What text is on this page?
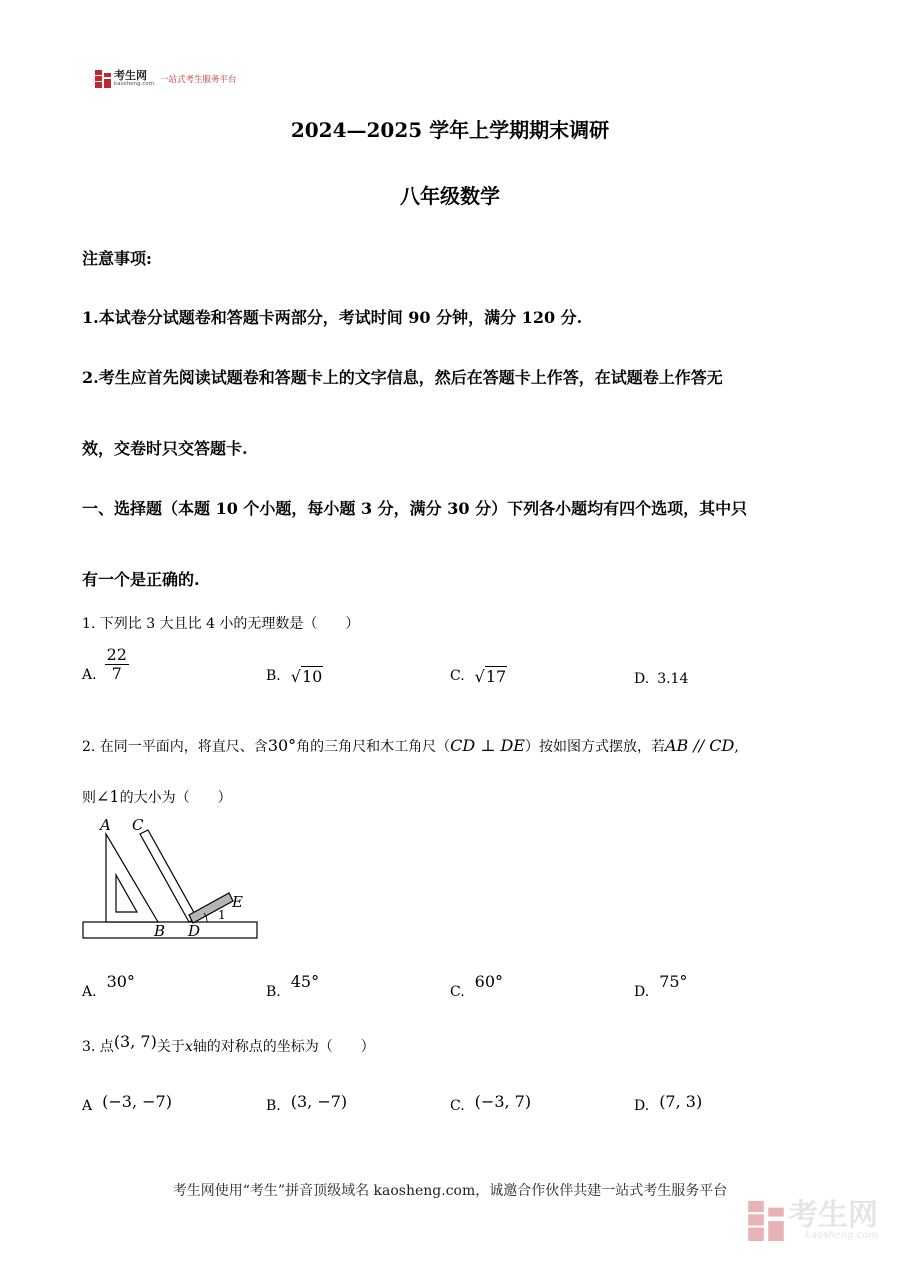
考生网
kaosheng.com 一站式考生服务平台
2024—2025 学年上学期期末调研
八年级数学
注意事项:
1.本试卷分试题卷和答题卡两部分，考试时间 90 分钟，满分 120 分.
2.考生应首先阅读试题卷和答题卡上的文字信息，然后在答题卡上作答，在试题卷上作答无
效，交卷时只交答题卡.
一、选择题（本题 10 个小题，每小题 3 分，满分 30 分）下列各小题均有四个选项，其中只
有一个是正确的.
1. 下列比 3 大且比 4 小的无理数是（　　）
A. $\frac{22}{7}$	B. √ 10	C. √ 17	D. 3.14
2. 在同一平面内，将直尺、含30°角的三角尺和木工角尺（CD ⊥ DE）按如图方式摆放，若AB // CD,
则∠1的大小为（　　）
A C
E
1
B D
A.
30°
B.
45°
C.
60°
D.
75°
3. 点(3, 7)关于x轴的对称点的坐标为（　　）
A (−3, −7)	B. (3, −7)	C. (−3, 7)	D. (7, 3)
考生网使用“考生”拼音顶级域名 kaosheng.com，诚邀合作伙伴共建一站式考生服务平台
考生网
kaosheng.com
